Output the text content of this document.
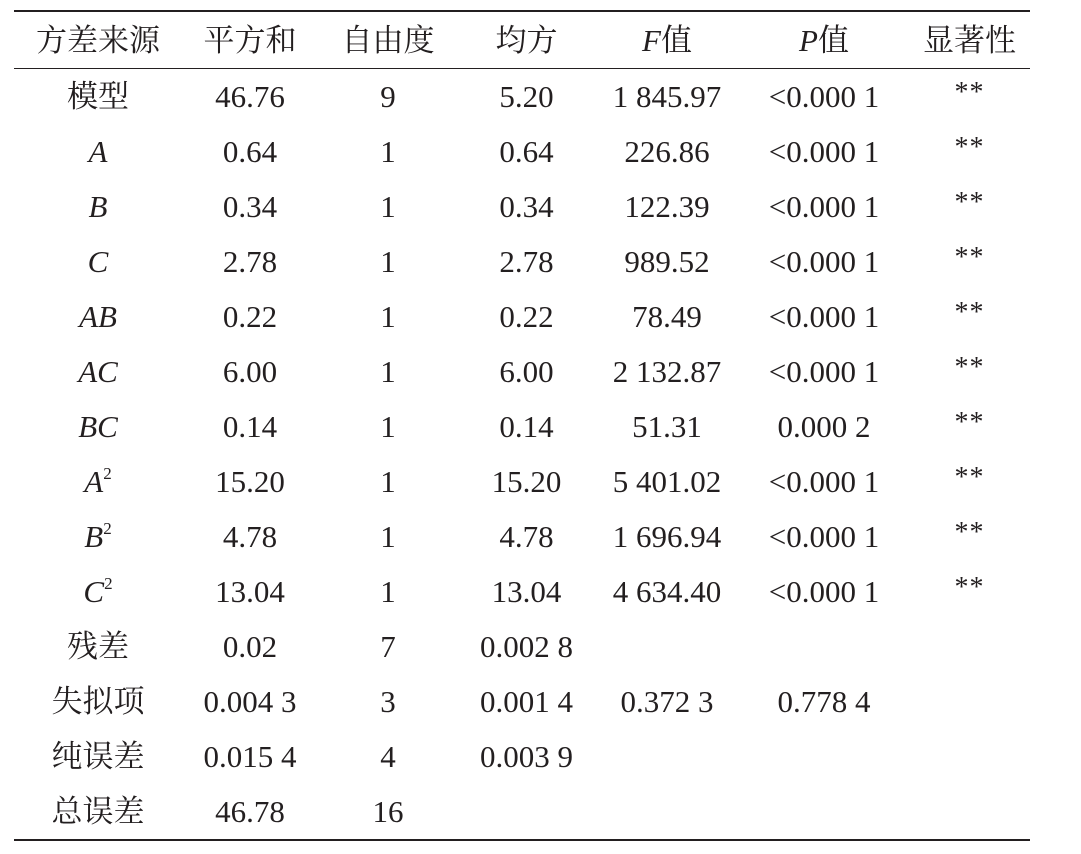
方差来源	平方和	自由度	均方	F值	P值	显著性
模型	46.76	9	5.20	1 845.97	<0.000 1	**
A	0.64	1	0.64	226.86	<0.000 1	**
B	0.34	1	0.34	122.39	<0.000 1	**
C	2.78	1	2.78	989.52	<0.000 1	**
AB	0.22	1	0.22	78.49	<0.000 1	**
AC	6.00	1	6.00	2 132.87	<0.000 1	**
BC	0.14	1	0.14	51.31	0.000 2	**
$A^2$	15.20	1	15.20	5 401.02	<0.000 1	**
$B^2$	4.78	1	4.78	1 696.94	<0.000 1	**
$C^2$	13.04	1	13.04	4 634.40	<0.000 1	**
残差	0.02	7	0.002 8			
失拟项	0.004 3	3	0.001 4	0.372 3	0.778 4	
纯误差	0.015 4	4	0.003 9			
总误差	46.78	16				
